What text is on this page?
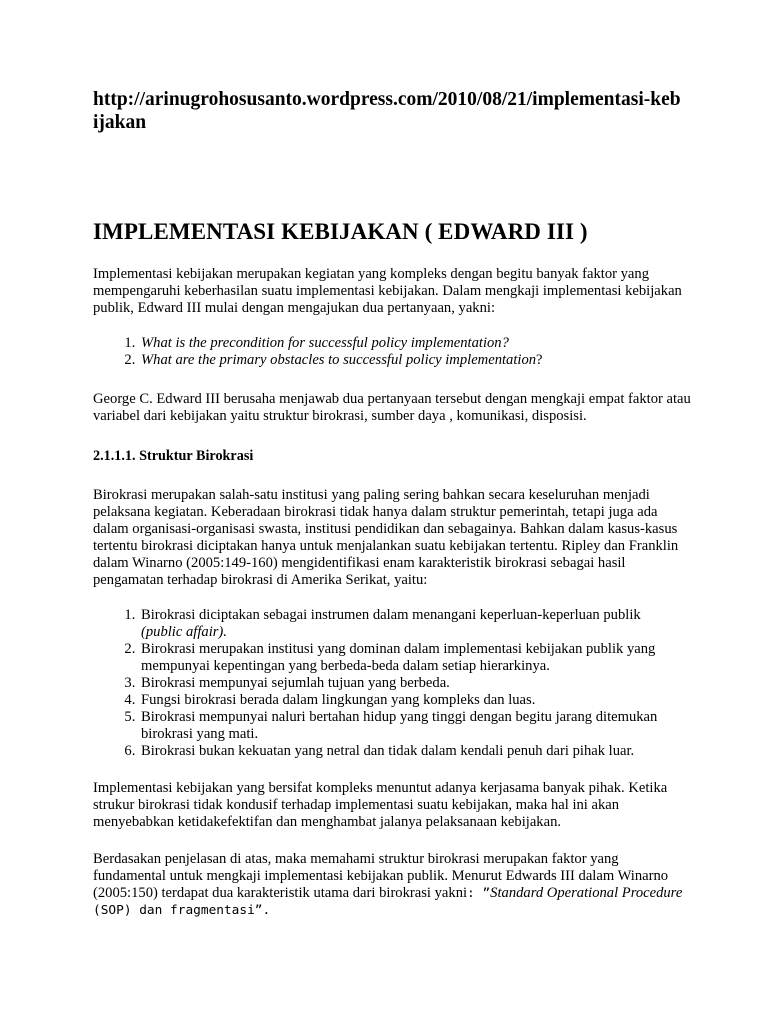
http://arinugrohosusanto.wordpress.com/2010/08/21/implementasi-kebijakan
IMPLEMENTASI KEBIJAKAN ( EDWARD III )

Implementasi kebijakan merupakan kegiatan yang kompleks dengan begitu banyak faktor yang mempengaruhi keberhasilan suatu implementasi kebijakan. Dalam mengkaji implementasi kebijakan publik, Edward III mulai dengan mengajukan dua pertanyaan, yakni:

1. What is the precondition for successful policy implementation?
2. What are the primary obstacles to successful policy implementation?

George C. Edward III berusaha menjawab dua pertanyaan tersebut dengan mengkaji empat faktor atau variabel dari kebijakan yaitu struktur birokrasi, sumber daya , komunikasi, disposisi.

2.1.1.1. Struktur Birokrasi

Birokrasi merupakan salah-satu institusi yang paling sering bahkan secara keseluruhan menjadi pelaksana kegiatan. Keberadaan birokrasi tidak hanya dalam struktur pemerintah, tetapi juga ada dalam organisasi-organisasi swasta, institusi pendidikan dan sebagainya. Bahkan dalam kasus-kasus tertentu birokrasi diciptakan hanya untuk menjalankan suatu kebijakan tertentu. Ripley dan Franklin dalam Winarno (2005:149-160) mengidentifikasi enam karakteristik birokrasi sebagai hasil pengamatan terhadap birokrasi di Amerika Serikat, yaitu:

1. Birokrasi diciptakan sebagai instrumen dalam menangani keperluan-keperluan publik
(public affair).
2. Birokrasi merupakan institusi yang dominan dalam implementasi kebijakan publik yang mempunyai kepentingan yang berbeda-beda dalam setiap hierarkinya.
3. Birokrasi mempunyai sejumlah tujuan yang berbeda.
4. Fungsi birokrasi berada dalam lingkungan yang kompleks dan luas.
5. Birokrasi mempunyai naluri bertahan hidup yang tinggi dengan begitu jarang ditemukan birokrasi yang mati.
6. Birokrasi bukan kekuatan yang netral dan tidak dalam kendali penuh dari pihak luar.

Implementasi kebijakan yang bersifat kompleks menuntut adanya kerjasama banyak pihak. Ketika strukur birokrasi tidak kondusif terhadap implementasi suatu kebijakan, maka hal ini akan menyebabkan ketidakefektifan dan menghambat jalanya pelaksanaan kebijakan.

Berdasakan penjelasan di atas, maka memahami struktur birokrasi merupakan faktor yang fundamental untuk mengkaji implementasi kebijakan publik. Menurut Edwards III dalam Winarno (2005:150) terdapat dua karakteristik utama dari birokrasi yakni: ”Standard Operational Procedure (SOP) dan fragmentasi”.
